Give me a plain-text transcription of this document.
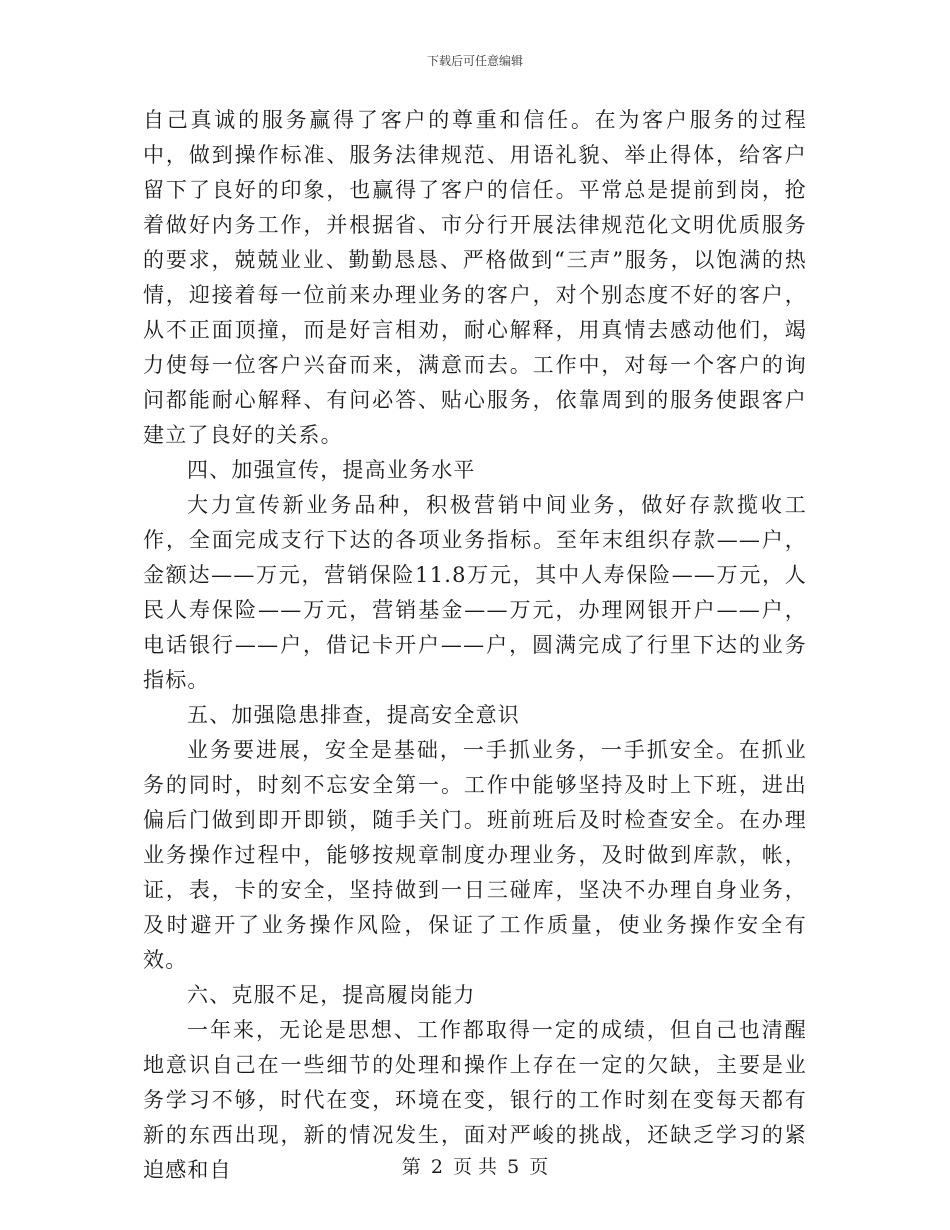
下载后可任意编辑

自己真诚的服务赢得了客户的尊重和信任。在为客户服务的过程中，做到操作标准、服务法律规范、用语礼貌、举止得体，给客户留下了良好的印象，也赢得了客户的信任。平常总是提前到岗，抢着做好内务工作，并根据省、市分行开展法律规范化文明优质服务的要求，兢兢业业、勤勤恳恳、严格做到“三声”服务，以饱满的热情，迎接着每一位前来办理业务的客户，对个别态度不好的客户，从不正面顶撞，而是好言相劝，耐心解释，用真情去感动他们，竭力使每一位客户兴奋而来，满意而去。工作中，对每一个客户的询问都能耐心解释、有问必答、贴心服务，依靠周到的服务使跟客户建立了良好的关系。

四、加强宣传，提高业务水平

大力宣传新业务品种，积极营销中间业务，做好存款揽收工作，全面完成支行下达的各项业务指标。至年末组织存款——户，金额达——万元，营销保险11.8万元，其中人寿保险——万元，人民人寿保险——万元，营销基金——万元，办理网银开户——户，电话银行——户，借记卡开户——户，圆满完成了行里下达的业务指标。

五、加强隐患排查，提高安全意识

业务要进展，安全是基础，一手抓业务，一手抓安全。在抓业务的同时，时刻不忘安全第一。工作中能够坚持及时上下班，进出偏后门做到即开即锁，随手关门。班前班后及时检查安全。在办理业务操作过程中，能够按规章制度办理业务，及时做到库款，帐，证，表，卡的安全，坚持做到一日三碰库，坚决不办理自身业务，及时避开了业务操作风险，保证了工作质量，使业务操作安全有效。

六、克服不足，提高履岗能力

一年来，无论是思想、工作都取得一定的成绩，但自己也清醒地意识自己在一些细节的处理和操作上存在一定的欠缺，主要是业务学习不够，时代在变，环境在变，银行的工作时刻在变每天都有新的东西出现，新的情况发生，面对严峻的挑战，还缺乏学习的紧迫感和自	第 2 页 共 5 页
